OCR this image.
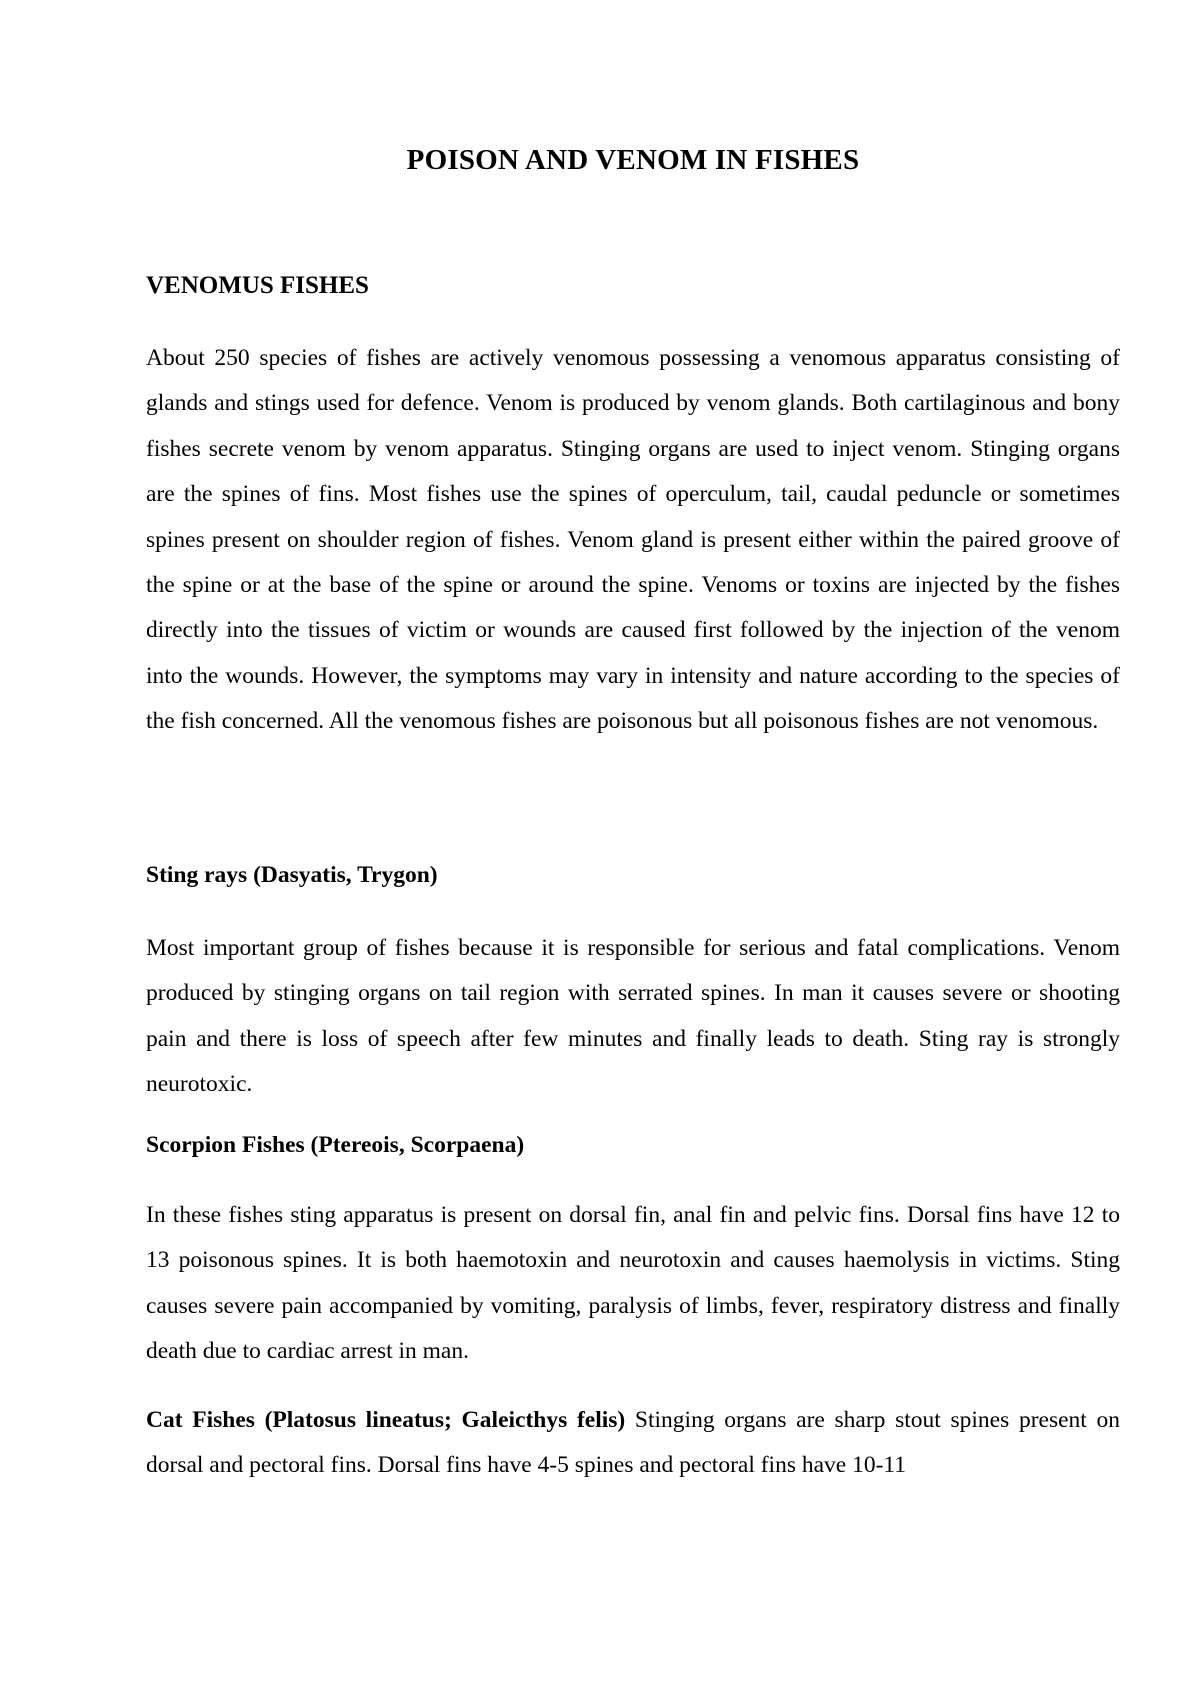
POISON AND VENOM IN FISHES
VENOMUS FISHES

About 250 species of fishes are actively venomous possessing a venomous apparatus consisting of glands and stings used for defence. Venom is produced by venom glands. Both cartilaginous and bony fishes secrete venom by venom apparatus. Stinging organs are used to inject venom. Stinging organs are the spines of fins. Most fishes use the spines of operculum, tail, caudal peduncle or sometimes spines present on shoulder region of fishes. Venom gland is present either within the paired groove of the spine or at the base of the spine or around the spine. Venoms or toxins are injected by the fishes directly into the tissues of victim or wounds are caused first followed by the injection of the venom into the wounds. However, the symptoms may vary in intensity and nature according to the species of the fish concerned. All the venomous fishes are poisonous but all poisonous fishes are not venomous.

Sting rays (Dasyatis, Trygon)

Most important group of fishes because it is responsible for serious and fatal complications. Venom produced by stinging organs on tail region with serrated spines. In man it causes severe or shooting pain and there is loss of speech after few minutes and finally leads to death. Sting ray is strongly neurotoxic.

Scorpion Fishes (Ptereois, Scorpaena)

In these fishes sting apparatus is present on dorsal fin, anal fin and pelvic fins. Dorsal fins have 12 to 13 poisonous spines. It is both haemotoxin and neurotoxin and causes haemolysis in victims. Sting causes severe pain accompanied by vomiting, paralysis of limbs, fever, respiratory distress and finally death due to cardiac arrest in man.

Cat Fishes (Platosus lineatus; Galeicthys felis) Stinging organs are sharp stout spines present on dorsal and pectoral fins. Dorsal fins have 4-5 spines and pectoral fins have 10-11
